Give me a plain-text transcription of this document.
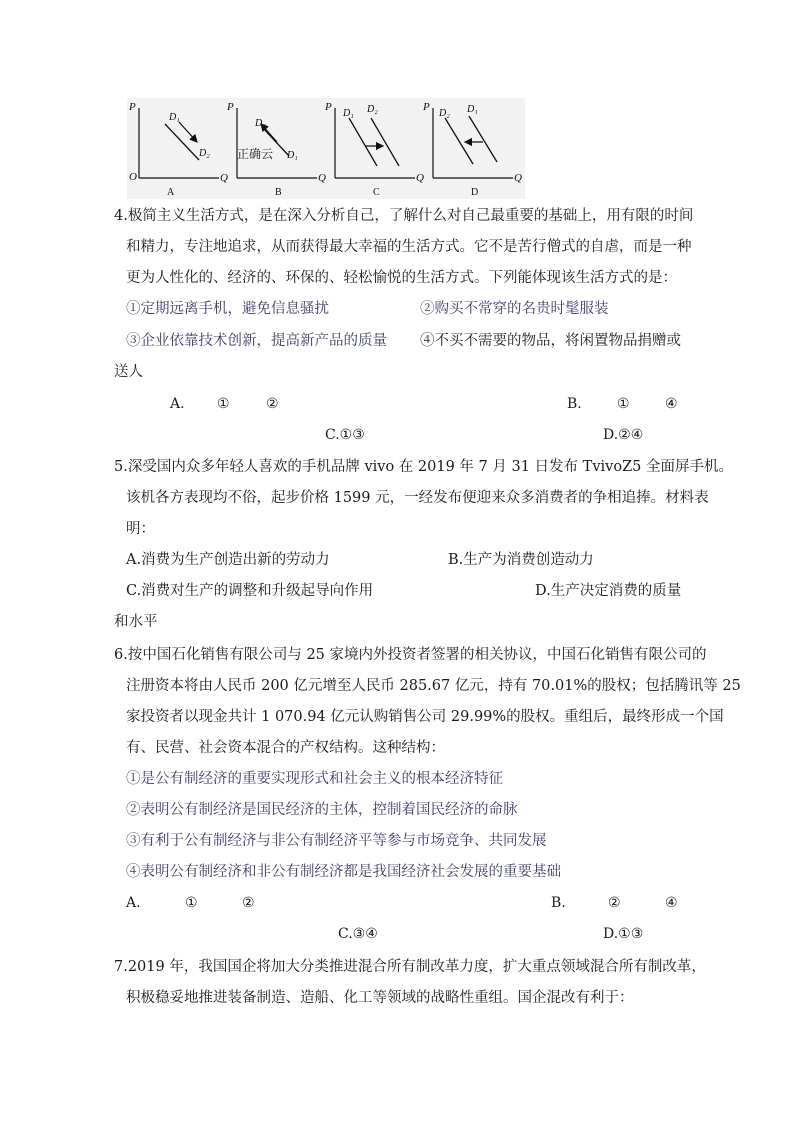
P
O	Q
D₁
D₂
A
P
Q
D₂
D₁
正确云
B
P
Q
D₁ D₂
C
P
Q
D₂ D₁
D
4.极简主义生活方式，是在深入分析自己，了解什么对自己最重要的基础上，用有限的时间
和精力，专注地追求，从而获得最大幸福的生活方式。它不是苦行僧式的自虐，而是一种
更为人性化的、经济的、环保的、轻松愉悦的生活方式。下列能体现该生活方式的是：
①定期远离手机，避免信息骚扰	②购买不常穿的名贵时髦服装
③企业依靠技术创新，提高新产品的质量 ④不买不需要的物品，将闲置物品捐赠或
送人
A. ①	②	B.	①	④
C.①③	D.②④
5.深受国内众多年轻人喜欢的手机品牌 vivo 在 2019 年 7 月 31 日发布 TvivoZ5 全面屏手机。
该机各方表现均不俗，起步价格 1599 元，一经发布便迎来众多消费者的争相追捧。材料表
明：
A.消费为生产创造出新的劳动力	B.生产为消费创造动力
C.消费对生产的调整和升级起导向作用	D.生产决定消费的质量
和水平
6.按中国石化销售有限公司与 25 家境内外投资者签署的相关协议，中国石化销售有限公司的
注册资本将由人民币 200 亿元增至人民币 285.67 亿元，持有 70.01%的股权；包括腾讯等 25
家投资者以现金共计 1 070.94 亿元认购销售公司 29.99%的股权。重组后，最终形成一个国
有、民营、社会资本混合的产权结构。这种结构：
①是公有制经济的重要实现形式和社会主义的根本经济特征
②表明公有制经济是国民经济的主体，控制着国民经济的命脉
③有利于公有制经济与非公有制经济平等参与市场竞争、共同发展
④表明公有制经济和非公有制经济都是我国经济社会发展的重要基础
A.	①	②	B.	②	④
C.③④	D.①③
7.2019 年，我国国企将加大分类推进混合所有制改革力度，扩大重点领域混合所有制改革，
积极稳妥地推进装备制造、造船、化工等领域的战略性重组。国企混改有利于：
